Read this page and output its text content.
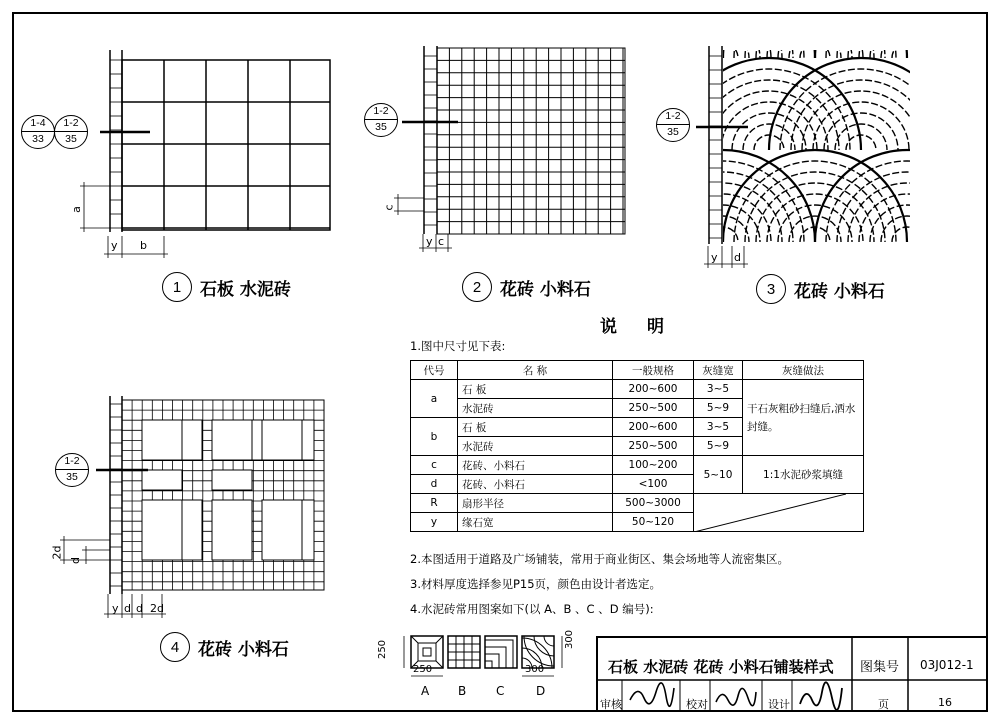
1	石板 水泥砖	2	花砖 小料石	3	花砖 小料石
4	花砖 小料石
1-4
33
1-2
35
1-2
35
1-2
35
1-2
35
a
y b
c
y c
y d
2d
d
y d d 2d
说明
1.图中尺寸见下表:
代号	名 称	一般规格	灰缝宽	灰缝做法
a	石 板	200~600	3~5	干石灰粗砂扫缝后,洒水封缝。
	水泥砖	250~500	5~9	
b	石 板	200~600	3~5	
	水泥砖	250~500	5~9	
c	花砖、小料石	100~200	5~10	1:1水泥砂浆填缝
d	花砖、小料石	<100		
R	扇形半径	500~3000	

y	缘石宽	50~120		
2.本图适用于道路及广场铺装，常用于商业街区、集会场地等人流密集区。
3.材料厚度选择参见P15页，颜色由设计者选定。
4.水泥砖常用图案如下(以 A、B 、C 、D 编号):
A B C	D
250
250
300
300
石板 水泥砖 花砖 小料石铺装样式 图集号 03J012-1
审核	校对	设计	页	16
